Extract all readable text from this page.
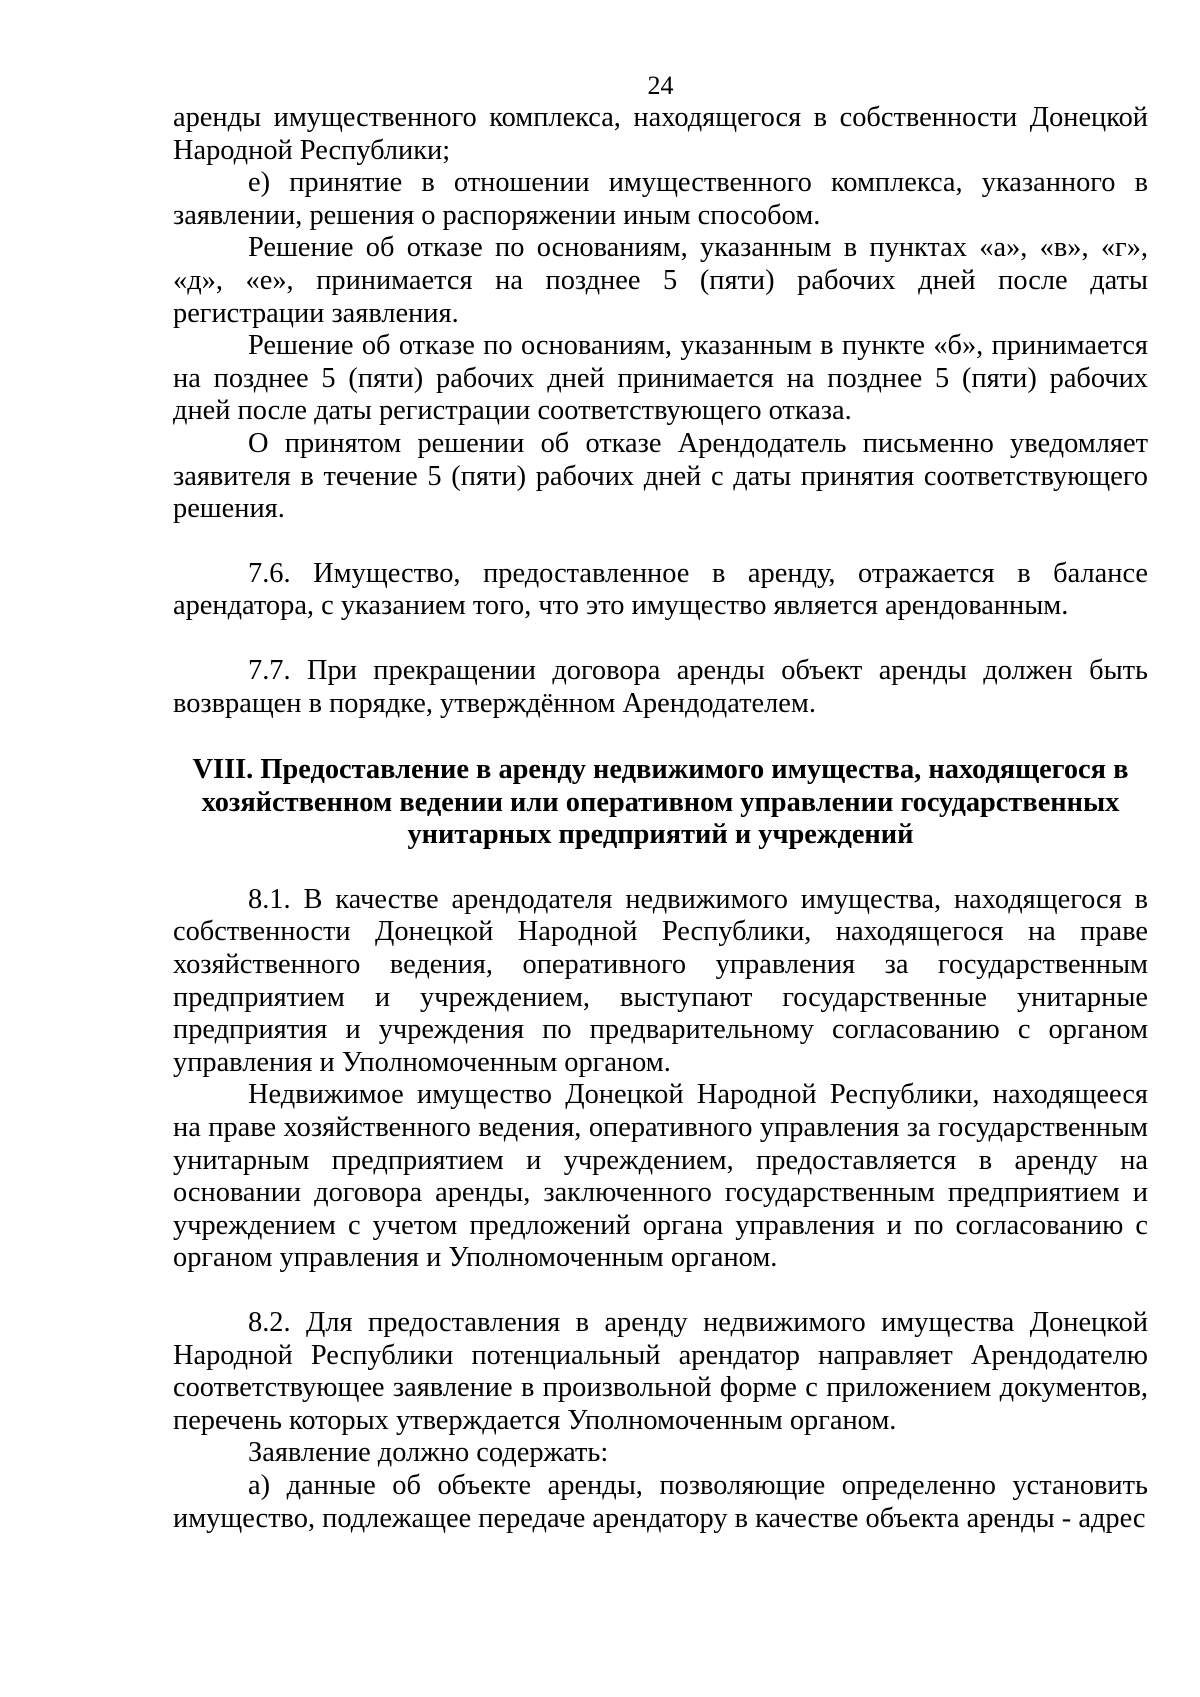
24

аренды имущественного комплекса, находящегося в собственности Донецкой Народной Республики;

е) принятие в отношении имущественного комплекса, указанного в заявлении, решения о распоряжении иным способом.

Решение об отказе по основаниям, указанным в пунктах «а», «в», «г», «д», «е», принимается на позднее 5 (пяти) рабочих дней после даты регистрации заявления.

Решение об отказе по основаниям, указанным в пункте «б», принимается на позднее 5 (пяти) рабочих дней принимается на позднее 5 (пяти) рабочих дней после даты регистрации соответствующего отказа.

О принятом решении об отказе Арендодатель письменно уведомляет заявителя в течение 5 (пяти) рабочих дней с даты принятия соответствующего решения.

7.6. Имущество, предоставленное в аренду, отражается в балансе арендатора, с указанием того, что это имущество является арендованным.

7.7. При прекращении договора аренды объект аренды должен быть возвращен в порядке, утверждённом Арендодателем.

VIII. Предоставление в аренду недвижимого имущества, находящегося в хозяйственном ведении или оперативном управлении государственных унитарных предприятий и учреждений

8.1. В качестве арендодателя недвижимого имущества, находящегося в собственности Донецкой Народной Республики, находящегося на праве хозяйственного ведения, оперативного управления за государственным предприятием и учреждением, выступают государственные унитарные предприятия и учреждения по предварительному согласованию с органом управления и Уполномоченным органом.

Недвижимое имущество Донецкой Народной Республики, находящееся на праве хозяйственного ведения, оперативного управления за государственным унитарным предприятием и учреждением, предоставляется в аренду на основании договора аренды, заключенного государственным предприятием и учреждением с учетом предложений органа управления и по согласованию с органом управления и Уполномоченным органом.

8.2. Для предоставления в аренду недвижимого имущества Донецкой Народной Республики потенциальный арендатор направляет Арендодателю соответствующее заявление в произвольной форме с приложением документов, перечень которых утверждается Уполномоченным органом.

Заявление должно содержать:

а) данные об объекте аренды, позволяющие определенно установить имущество, подлежащее передаче арендатору в качестве объекта аренды - адрес
